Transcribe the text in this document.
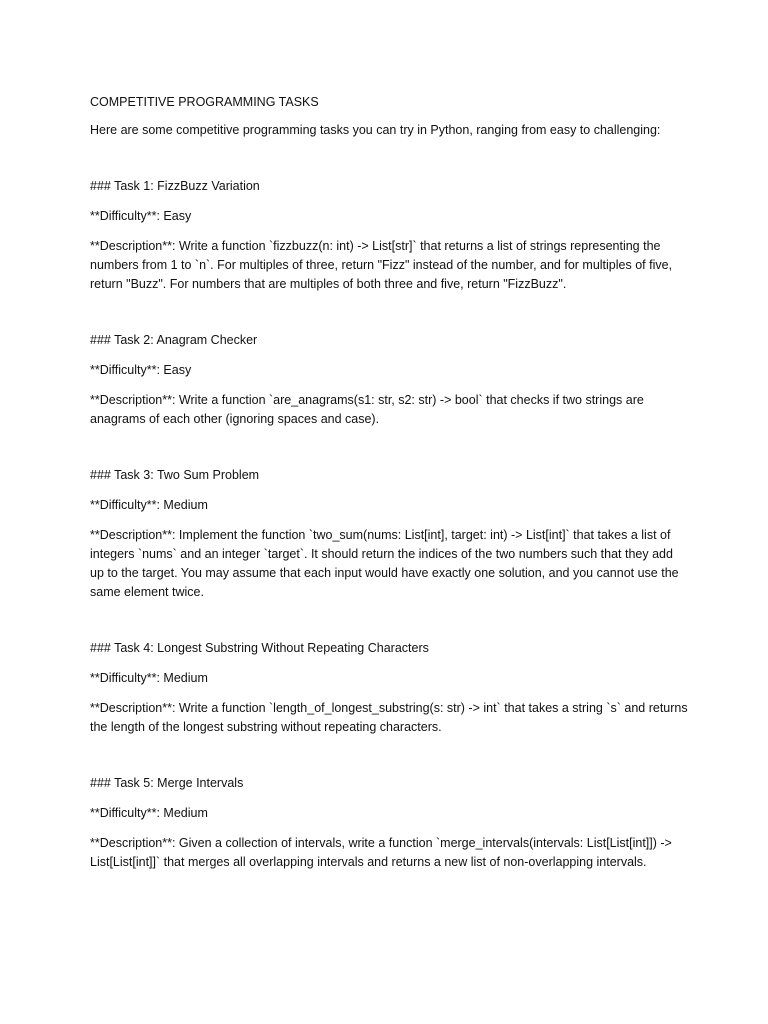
COMPETITIVE PROGRAMMING TASKS

Here are some competitive programming tasks you can try in Python, ranging from easy to challenging:

### Task 1: FizzBuzz Variation

**Difficulty**: Easy

**Description**: Write a function `fizzbuzz(n: int) -> List[str]` that returns a list of strings representing the numbers from 1 to `n`. For multiples of three, return "Fizz" instead of the number, and for multiples of five, return "Buzz". For numbers that are multiples of both three and five, return "FizzBuzz".

### Task 2: Anagram Checker

**Difficulty**: Easy

**Description**: Write a function `are_anagrams(s1: str, s2: str) -> bool` that checks if two strings are anagrams of each other (ignoring spaces and case).

### Task 3: Two Sum Problem

**Difficulty**: Medium

**Description**: Implement the function `two_sum(nums: List[int], target: int) -> List[int]` that takes a list of integers `nums` and an integer `target`. It should return the indices of the two numbers such that they add up to the target. You may assume that each input would have exactly one solution, and you cannot use the same element twice.

### Task 4: Longest Substring Without Repeating Characters

**Difficulty**: Medium

**Description**: Write a function `length_of_longest_substring(s: str) -> int` that takes a string `s` and returns the length of the longest substring without repeating characters.

### Task 5: Merge Intervals

**Difficulty**: Medium

**Description**: Given a collection of intervals, write a function `merge_intervals(intervals: List[List[int]]) -> List[List[int]]` that merges all overlapping intervals and returns a new list of non-overlapping intervals.
